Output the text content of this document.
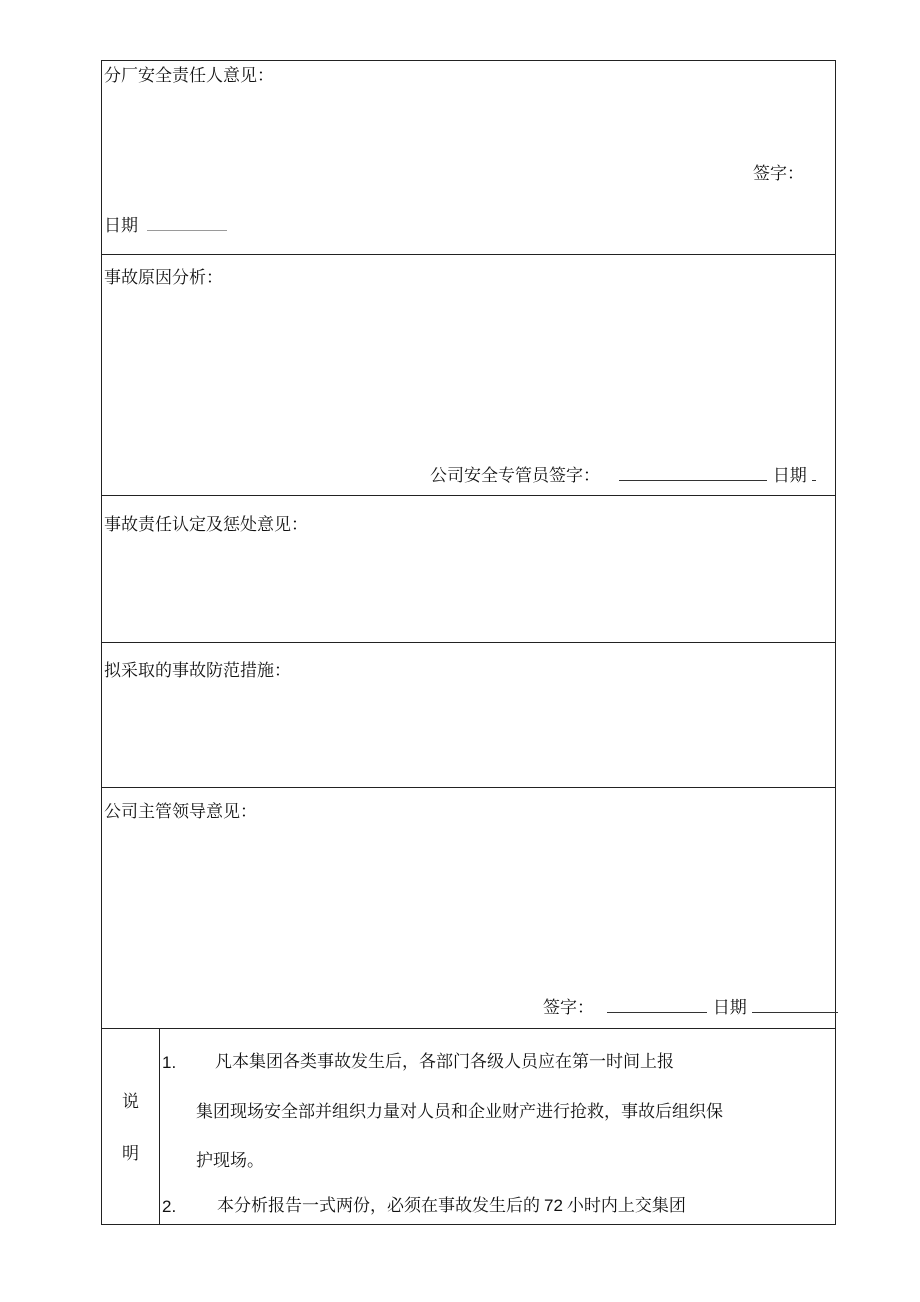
分厂安全责任人意见：
签字：
日期
事故原因分析：
公司安全专管员签字：	日期
事故责任认定及惩处意见：
拟采取的事故防范措施：
公司主管领导意见：
签字：	日期
说
明
1. 凡本集团各类事故发生后，各部门各级人员应在第一时间上报
集团现场安全部并组织力量对人员和企业财产进行抢救，事故后组织保
护现场。
2. 本分析报告一式两份，必须在事故发生后的 72 小时内上交集团
